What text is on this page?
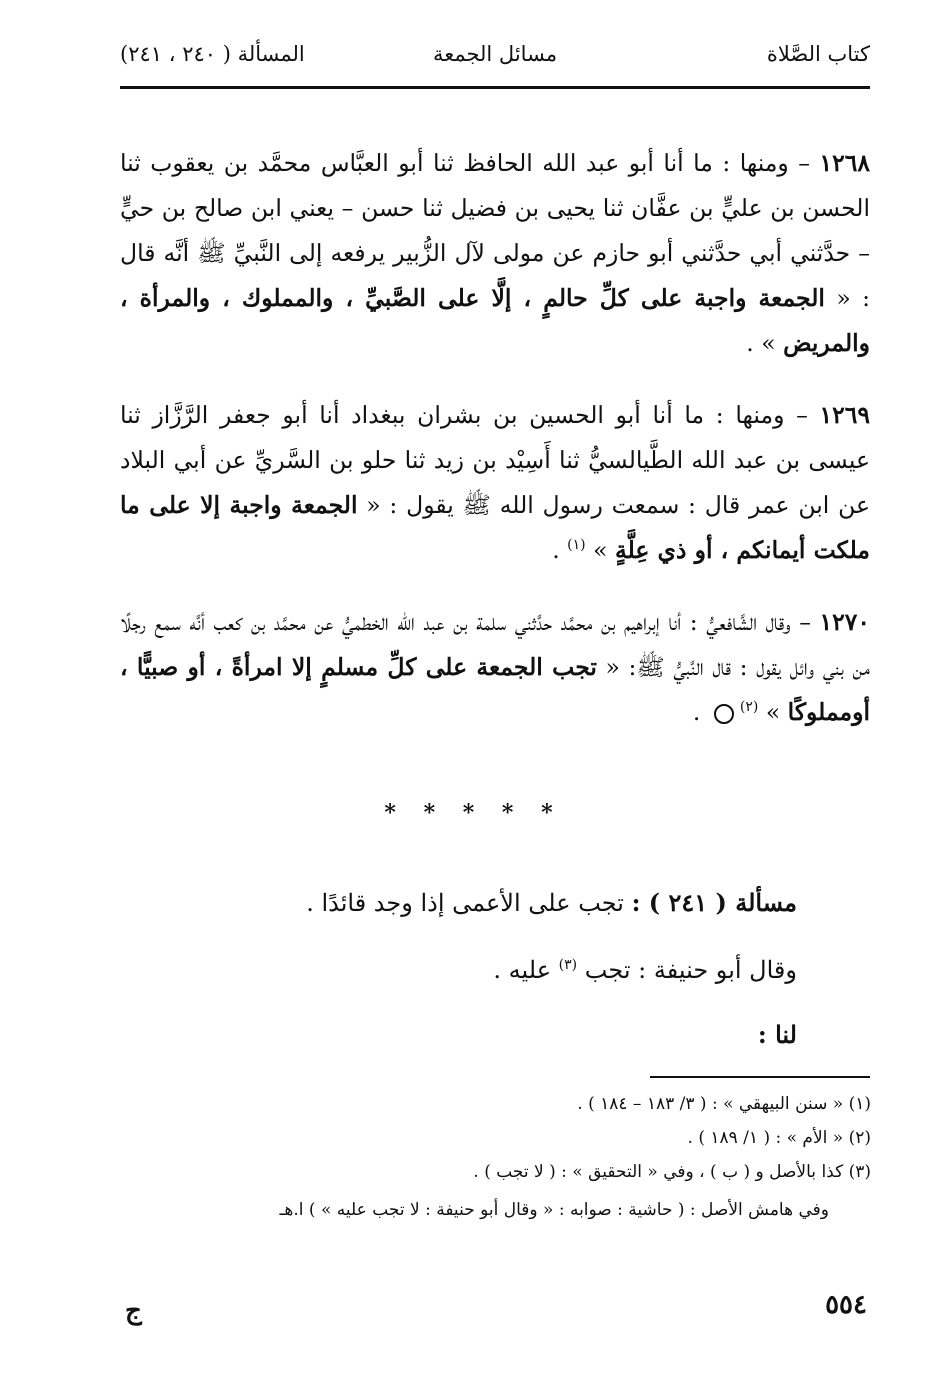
كتاب الصَّلاة
مسائل الجمعة
المسألة ( ٢٤٠ ، ٢٤١)
١٢٦٨ – ومنها : ما أنا أبو عبد الله الحافظ ثنا أبو العبَّاس محمَّد بن يعقوب ثنا الحسن بن عليٍّ بن عفَّان ثنا يحيى بن فضيل ثنا حسن – يعني ابن صالح بن حيٍّ – حدَّثني أبي حدَّثني أبو حازم عن مولى لآل الزُّبير يرفعه إلى النَّبيِّ ﷺ أنَّه قال : « الجمعة واجبة على كلِّ حالمٍ ، إلَّا على الصَّبيِّ ، والمملوك ، والمرأة ، والمريض » .
١٢٦٩ – ومنها : ما أنا أبو الحسين بن بشران ببغداد أنا أبو جعفر الرَّزَّاز ثنا عيسى بن عبد الله الطَّيالسيُّ ثنا أَسِيْد بن زيد ثنا حلو بن السَّريِّ عن أبي البلاد عن ابن عمر قال : سمعت رسول الله ﷺ يقول : « الجمعة واجبة إلا على ما ملكت أيمانكم ، أو ذي عِلَّةٍ » $^{(١)}$ .
١٢٧٠ – وقال الشَّافعيُّ : أنا إبراهيم بن محمَّد حدَّثني سلمة بن عبد الله الخطميُّ عن محمَّد بن كعب أنَّه سمع رجلًا من بني وائل يقول : قال النَّبيُّ ﷺ: « تجب الجمعة على كلِّ مسلمٍ إلا امرأةً ، أو صبيًّا ، أومملوكًا » $^{(٢)}$ .
* * * * *
مسألة ( ٢٤١ ) : تجب على الأعمى إذا وجد قائدًا .
وقال أبو حنيفة : تجب $^{(٣)}$ عليه .
لنا :
(١) « سنن البيهقي » : ( ٣/ ١٨٣ – ١٨٤ ) .
(٢) « الأم » : ( ١/ ١٨٩ ) .
(٣) كذا بالأصل و ( ب ) ، وفي « التحقيق » : ( لا تجب ) .
وفي هامش الأصل : ( حاشية : صوابه : « وقال أبو حنيفة : لا تجب عليه » ) ا.هـ
٥٥٤
ج
